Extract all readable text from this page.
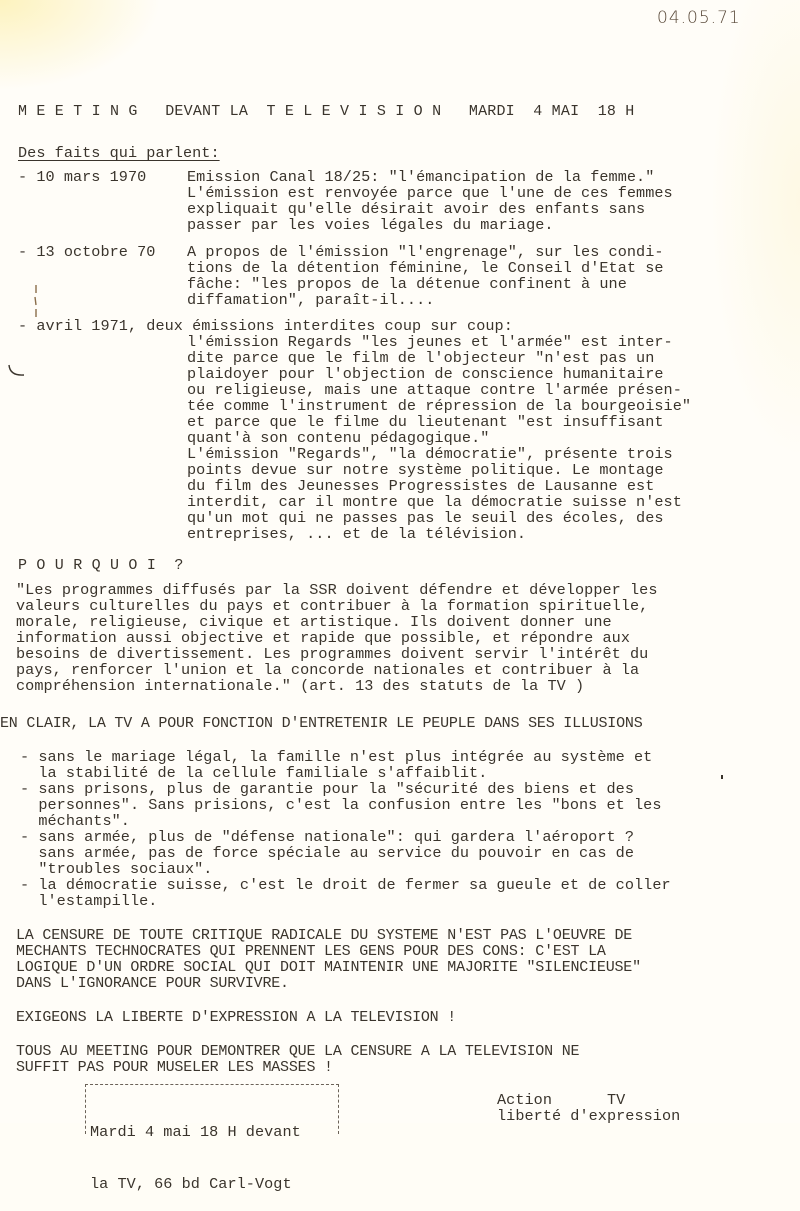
04.05.71
M E E T I N G   DEVANT LA  T E L E V I S I O N   MARDI  4 MAI  18 H
Des faits qui parlent:
- 10 mars 1970	Emission Canal 18/25: "l'émancipation de la femme."
L'émission est renvoyée parce que l'une de ces femmes
expliquait qu'elle désirait avoir des enfants sans
passer par les voies légales du mariage.
- 13 octobre 70 A propos de l'émission "l'engrenage", sur les condi-
tions de la détention féminine, le Conseil d'Etat se
fâche: "les propos de la détenue confinent à une
diffamation", paraît-il....
- avril 1971, deux émissions interdites coup sur coup:
l'émission Regards "les jeunes et l'armée" est inter-
dite parce que le film de l'objecteur "n'est pas un
plaidoyer pour l'objection de conscience humanitaire
ou religieuse, mais une attaque contre l'armée présen-
tée comme l'instrument de répression de la bourgeoisie"
et parce que le filme du lieutenant "est insuffisant
quant'à son contenu pédagogique."
L'émission "Regards", "la démocratie", présente trois
points devue sur notre système politique. Le montage
du film des Jeunesses Progressistes de Lausanne est
interdit, car il montre que la démocratie suisse n'est
qu'un mot qui ne passes pas le seuil des écoles, des
entreprises, ... et de la télévision.
P O U R Q U O I  ?
"Les programmes diffusés par la SSR doivent défendre et développer les
valeurs culturelles du pays et contribuer à la formation spirituelle,
morale, religieuse, civique et artistique. Ils doivent donner une
information aussi objective et rapide que possible, et répondre aux
besoins de divertissement. Les programmes doivent servir l'intérêt du
pays, renforcer l'union et la concorde nationales et contribuer à la
compréhension internationale." (art. 13 des statuts de la TV )
EN CLAIR, LA TV A POUR FONCTION D'ENTRETENIR LE PEUPLE DANS SES ILLUSIONS
- sans le mariage légal, la famille n'est plus intégrée au système et
la stabilité de la cellule familiale s'affaiblit.
- sans prisons, plus de garantie pour la "sécurité des biens et des
personnes". Sans prisions, c'est la confusion entre les "bons et les
méchants".
- sans armée, plus de "défense nationale": qui gardera l'aéroport ?
sans armée, pas de force spéciale au service du pouvoir en cas de
"troubles sociaux".
- la démocratie suisse, c'est le droit de fermer sa gueule et de coller
l'estampille.
LA CENSURE DE TOUTE CRITIQUE RADICALE DU SYSTEME N'EST PAS L'OEUVRE DE
MECHANTS TECHNOCRATES QUI PRENNENT LES GENS POUR DES CONS: C'EST LA
LOGIQUE D'UN ORDRE SOCIAL QUI DOIT MAINTENIR UNE MAJORITE "SILENCIEUSE"
DANS L'IGNORANCE POUR SURVIVRE.
EXIGEONS LA LIBERTE D'EXPRESSION A LA TELEVISION !
TOUS AU MEETING POUR DEMONTRER QUE LA CENSURE A LA TELEVISION NE
SUFFIT PAS POUR MUSELER LES MASSES !

Mardi 4 mai 18 H devant

la TV, 66 bd Carl-Vogt

Action      TV
liberté d'expression
